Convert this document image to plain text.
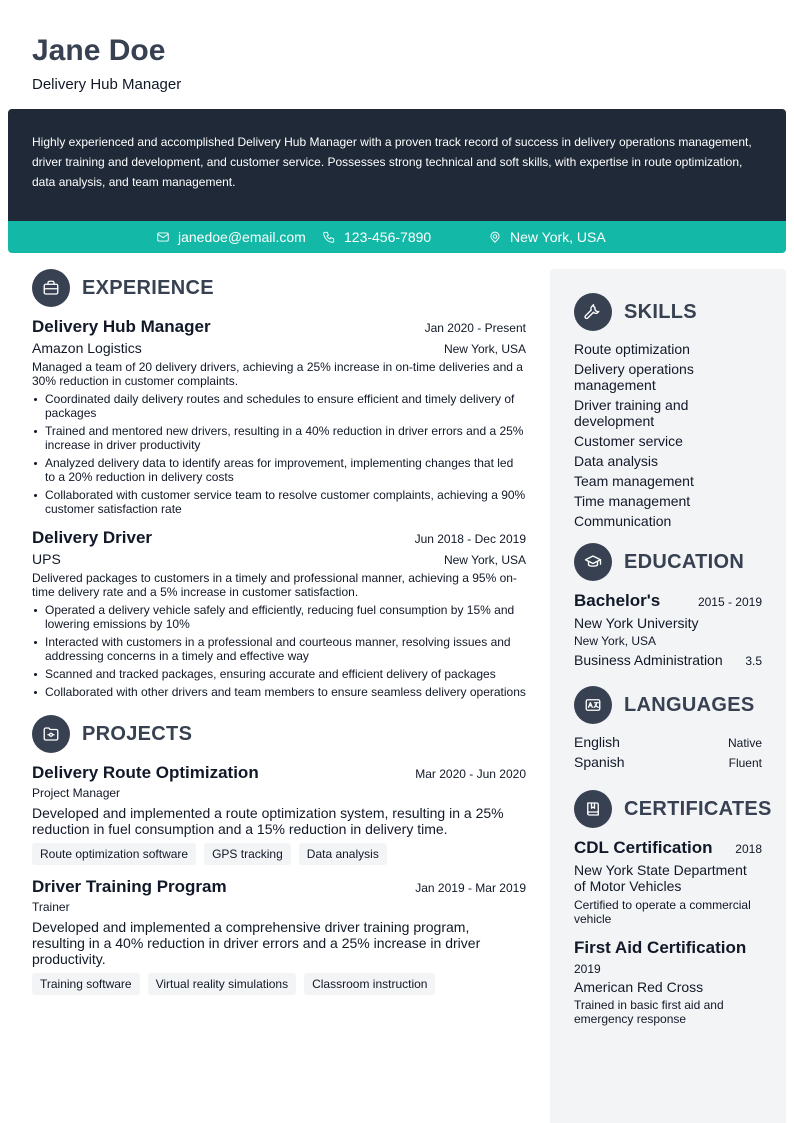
Jane Doe
Delivery Hub Manager

Highly experienced and accomplished Delivery Hub Manager with a proven track record of success in delivery operations management, driver training and development, and customer service. Possesses strong technical and soft skills, with expertise in route optimization, data analysis, and team management.

janedoe@email.com	123-456-7890	New York, USA
EXPERIENCE
Delivery Hub Manager	Jan 2020 - Present
Amazon Logistics	New York, USA
Managed a team of 20 delivery drivers, achieving a 25% increase in on-time deliveries and a 30% reduction in customer complaints.
Coordinated daily delivery routes and schedules to ensure efficient and timely delivery of packages
Trained and mentored new drivers, resulting in a 40% reduction in driver errors and a 25% increase in driver productivity
Analyzed delivery data to identify areas for improvement, implementing changes that led to a 20% reduction in delivery costs
Collaborated with customer service team to resolve customer complaints, achieving a 90% customer satisfaction rate
Delivery Driver	Jun 2018 - Dec 2019
UPS	New York, USA
Delivered packages to customers in a timely and professional manner, achieving a 95% on-time delivery rate and a 5% increase in customer satisfaction.
Operated a delivery vehicle safely and efficiently, reducing fuel consumption by 15% and lowering emissions by 10%
Interacted with customers in a professional and courteous manner, resolving issues and addressing concerns in a timely and effective way
Scanned and tracked packages, ensuring accurate and efficient delivery of packages
Collaborated with other drivers and team members to ensure seamless delivery operations
PROJECTS
Delivery Route Optimization	Mar 2020 - Jun 2020
Project Manager
Developed and implemented a route optimization system, resulting in a 25% reduction in fuel consumption and a 15% reduction in delivery time.
Route optimization software	GPS tracking	Data analysis
Driver Training Program	Jan 2019 - Mar 2019
Trainer
Developed and implemented a comprehensive driver training program, resulting in a 40% reduction in driver errors and a 25% increase in driver productivity.
Training software	Virtual reality simulations	Classroom instruction
SKILLS
Route optimization
Delivery operations management
Driver training and development
Customer service
Data analysis
Team management
Time management
Communication
EDUCATION
Bachelor's	2015 - 2019
New York University
New York, USA
Business Administration 3.5
LANGUAGES
English	Native
Spanish	Fluent
CERTIFICATES
CDL Certification 2018
New York State Department of Motor Vehicles
Certified to operate a commercial vehicle
First Aid Certification
2019
American Red Cross
Trained in basic first aid and emergency response
